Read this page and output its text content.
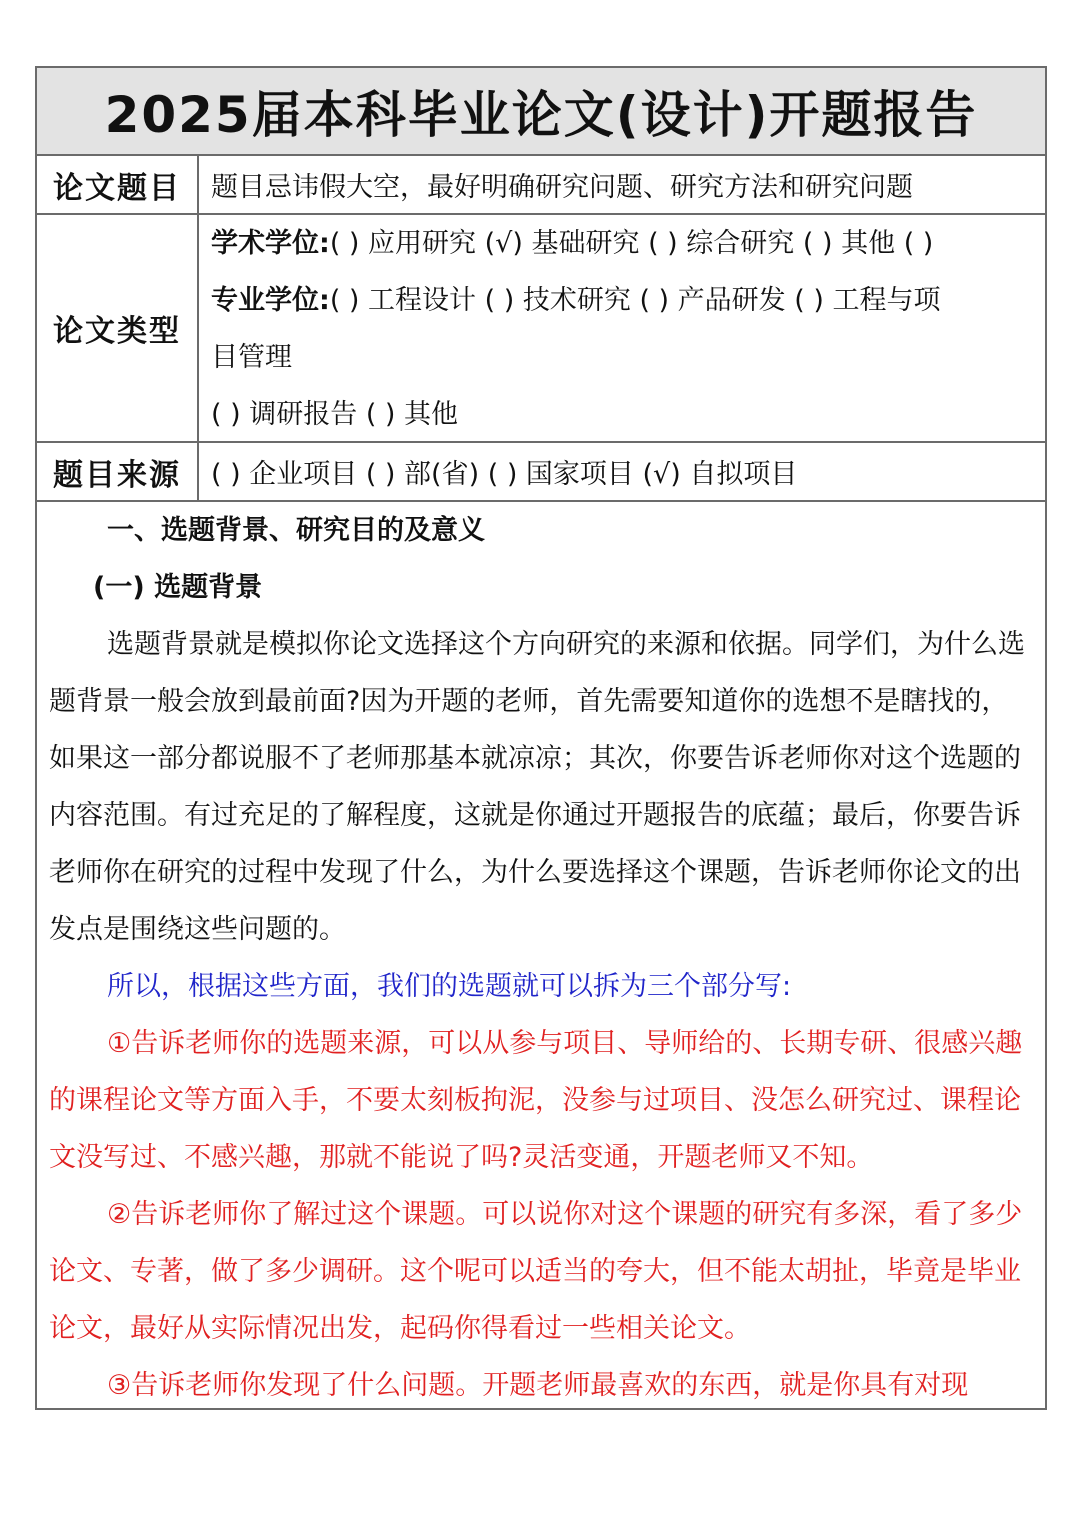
2025届本科毕业论文(设计)开题报告
论文题目	题目忌讳假大空，最好明确研究问题、研究方法和研究问题
论文类型
学术学位:( ) 应用研究 (√) 基础研究 ( ) 综合研究 ( ) 其他 ( )
专业学位:( ) 工程设计 ( ) 技术研究 ( ) 产品研发 ( ) 工程与项
目管理
( ) 调研报告 ( ) 其他
题目来源	( ) 企业项目 ( ) 部(省) ( ) 国家项目 (√) 自拟项目
一、选题背景、研究目的及意义
(一) 选题背景
选题背景就是模拟你论文选择这个方向研究的来源和依据。同学们，为什么选题背景一般会放到最前面?因为开题的老师，首先需要知道你的选想不是瞎找的，如果这一部分都说服不了老师那基本就凉凉；其次，你要告诉老师你对这个选题的内容范围。有过充足的了解程度，这就是你通过开题报告的底蕴；最后，你要告诉老师你在研究的过程中发现了什么，为什么要选择这个课题，告诉老师你论文的出发点是围绕这些问题的。
所以，根据这些方面，我们的选题就可以拆为三个部分写:
①告诉老师你的选题来源，可以从参与项目、导师给的、长期专研、很感兴趣的课程论文等方面入手，不要太刻板拘泥，没参与过项目、没怎么研究过、课程论文没写过、不感兴趣，那就不能说了吗?灵活变通，开题老师又不知。
②告诉老师你了解过这个课题。可以说你对这个课题的研究有多深，看了多少论文、专著，做了多少调研。这个呢可以适当的夸大，但不能太胡扯，毕竟是毕业论文，最好从实际情况出发，起码你得看过一些相关论文。
③告诉老师你发现了什么问题。开题老师最喜欢的东西，就是你具有对现
